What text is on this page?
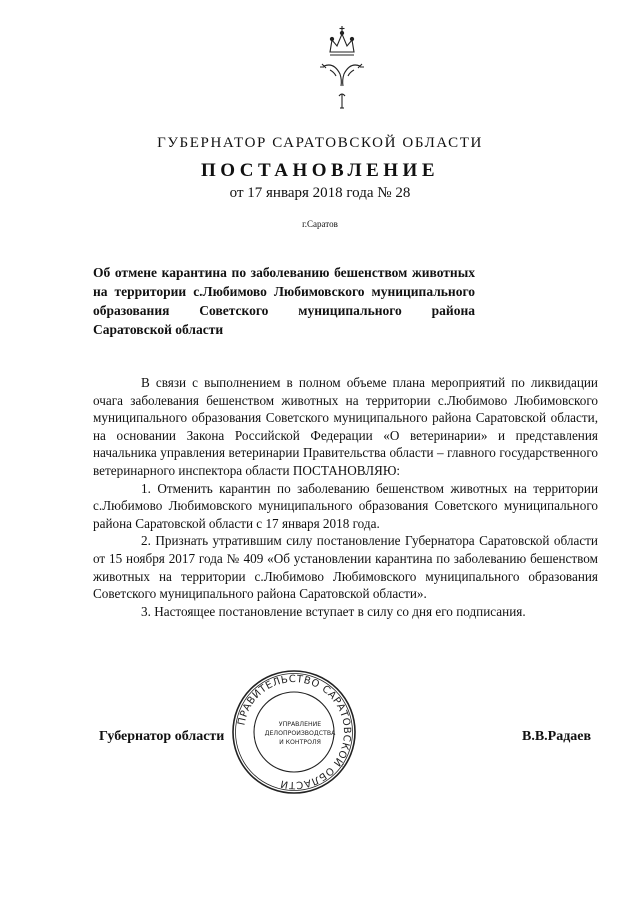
ГУБЕРНАТОР САРАТОВСКОЙ ОБЛАСТИ
ПОСТАНОВЛЕНИЕ
от 17 января 2018 года № 28
г.Саратов
Об отмене карантина по заболеванию бешенством животных на территории с.Любимово Любимовского муниципального образования Советского муниципального района Саратовской области

В связи с выполнением в полном объеме плана мероприятий по ликвидации очага заболевания бешенством животных на территории с.Любимово Любимовского муниципального образования Советского муниципального района Саратовской области, на основании Закона Российской Федерации «О ветеринарии» и представления начальника управления ветеринарии Правительства области – главного государственного ветеринарного инспектора области ПОСТАНОВЛЯЮ:

1. Отменить карантин по заболеванию бешенством животных на территории с.Любимово Любимовского муниципального образования Советского муниципального района Саратовской области с 17 января 2018 года.

2. Признать утратившим силу постановление Губернатора Саратовской области от 15 ноября 2017 года № 409 «Об установлении карантина по заболеванию бешенством животных на территории с.Любимово Любимовского муниципального образования Советского муниципального района Саратовской области».

3. Настоящее постановление вступает в силу со дня его подписания.

Губернатор области	В.В.Радаев
ПРАВИТЕЛЬСТВО САРАТОВСКОЙ ОБЛАСТИ
УПРАВЛЕНИЕ
ДЕЛОПРОИЗВОДСТВА
И КОНТРОЛЯ
